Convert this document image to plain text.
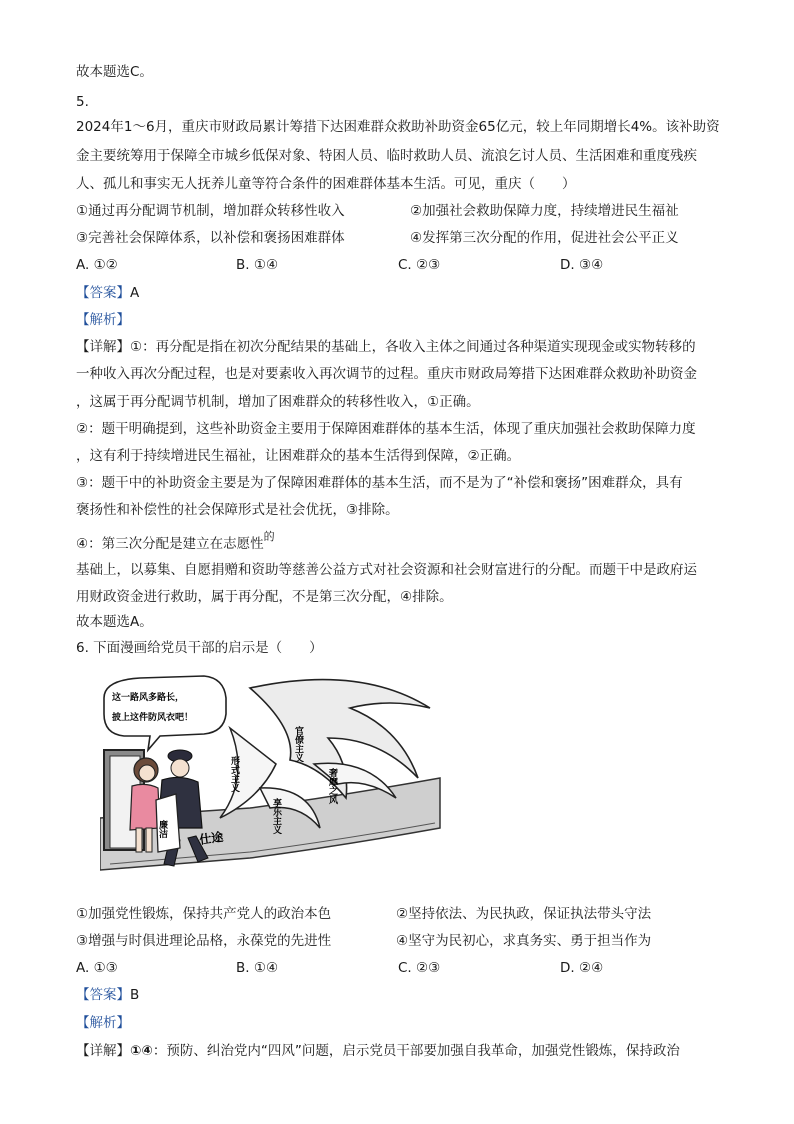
故本题选C。
5.
2024年1～6月，重庆市财政局累计筹措下达困难群众救助补助资金65亿元，较上年同期增长4%。该补助资
金主要统筹用于保障全市城乡低保对象、特困人员、临时救助人员、流浪乞讨人员、生活困难和重度残疾
人、孤儿和事实无人抚养儿童等符合条件的困难群体基本生活。可见，重庆（　　）
①通过再分配调节机制，增加群众转移性收入	②加强社会救助保障力度，持续增进民生福祉
③完善社会保障体系，以补偿和褒扬困难群体	④发挥第三次分配的作用，促进社会公平正义
A. ①②	B. ①④	C. ②③	D. ③④
【答案】A
【解析】
【详解】①：再分配是指在初次分配结果的基础上，各收入主体之间通过各种渠道实现现金或实物转移的
一种收入再次分配过程，也是对要素收入再次调节的过程。重庆市财政局筹措下达困难群众救助补助资金
，这属于再分配调节机制，增加了困难群众的转移性收入，①正确。
②：题干明确提到，这些补助资金主要用于保障困难群体的基本生活，体现了重庆加强社会救助保障力度
，这有利于持续增进民生福祉，让困难群众的基本生活得到保障，②正确。
③：题干中的补助资金主要是为了保障困难群体的基本生活，而不是为了“补偿和褒扬”困难群众，具有
褒扬性和补偿性的社会保障形式是社会优抚，③排除。
④：第三次分配是建立在志愿性$^的$
基础上，以募集、自愿捐赠和资助等慈善公益方式对社会资源和社会财富进行的分配。而题干中是政府运
用财政资金进行救助，属于再分配，不是第三次分配，④排除。
故本题选A。
6. 下面漫画给党员干部的启示是（　　）
这一路风多路长，
披上这件防风衣吧！
廉洁
仕途
形式主义
官僚主义
奢靡之风
享乐主义
①加强党性锻炼，保持共产党人的政治本色	②坚持依法、为民执政，保证执法带头守法
③增强与时俱进理论品格，永葆党的先进性	④坚守为民初心，求真务实、勇于担当作为
A. ①③	B. ①④	C. ②③	D. ②④
【答案】B
【解析】
【详解】①④：预防、纠治党内“四风”问题，启示党员干部要加强自我革命，加强党性锻炼，保持政治
